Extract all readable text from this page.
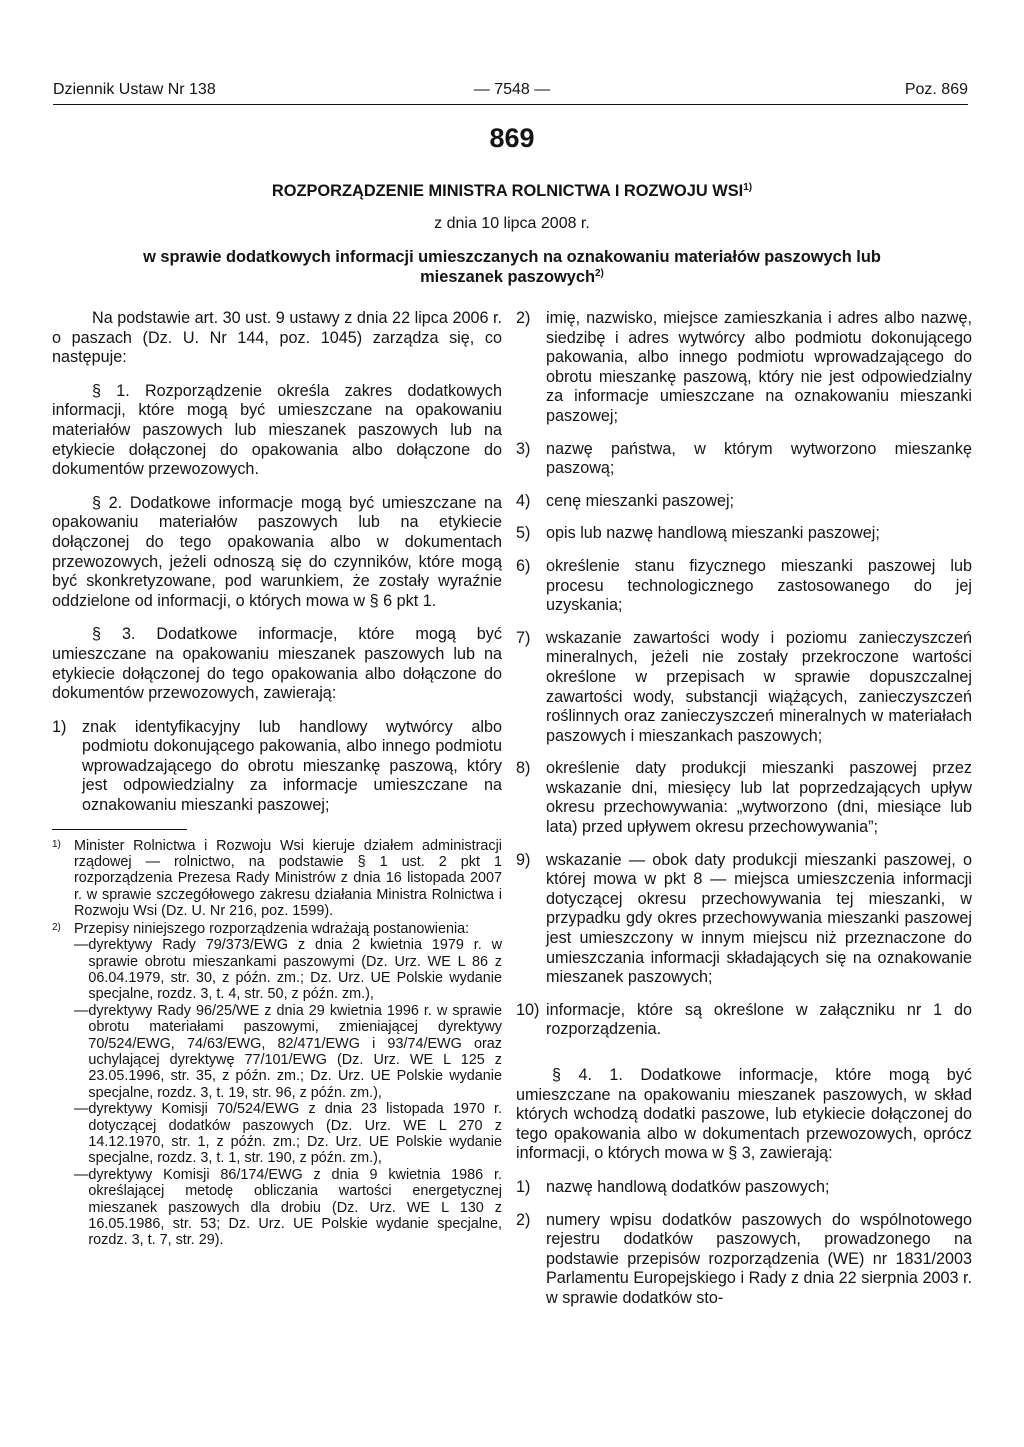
Dziennik Ustaw Nr 138	— 7548 —	Poz. 869

869

ROZPORZĄDZENIE MINISTRA ROLNICTWA I ROZWOJU WSI$^{1)}$

z dnia 10 lipca 2008 r.

w sprawie dodatkowych informacji umieszczanych na oznakowaniu materiałów paszowych lub mieszanek paszowych$^{2)}$

Na podstawie art. 30 ust. 9 ustawy z dnia 22 lipca 2006 r. o paszach (Dz. U. Nr 144, poz. 1045) zarządza się, co następuje:

§ 1. Rozporządzenie określa zakres dodatkowych informacji, które mogą być umieszczane na opakowaniu materiałów paszowych lub mieszanek paszowych lub na etykiecie dołączonej do opakowania albo dołączone do dokumentów przewozowych.

§ 2. Dodatkowe informacje mogą być umieszczane na opakowaniu materiałów paszowych lub na etykiecie dołączonej do tego opakowania albo w dokumentach przewozowych, jeżeli odnoszą się do czynników, które mogą być skonkretyzowane, pod warunkiem, że zostały wyraźnie oddzielone od informacji, o których mowa w § 6 pkt 1.

§ 3. Dodatkowe informacje, które mogą być umieszczane na opakowaniu mieszanek paszowych lub na etykiecie dołączonej do tego opakowania albo dołączone do dokumentów przewozowych, zawierają:

1) znak identyfikacyjny lub handlowy wytwórcy albo podmiotu dokonującego pakowania, albo innego podmiotu wprowadzającego do obrotu mieszankę paszową, który jest odpowiedzialny za informacje umieszczane na oznakowaniu mieszanki paszowej;
1) Minister Rolnictwa i Rozwoju Wsi kieruje działem administracji rządowej — rolnictwo, na podstawie § 1 ust. 2 pkt 1 rozporządzenia Prezesa Rady Ministrów z dnia 16 listopada 2007 r. w sprawie szczegółowego zakresu działania Ministra Rolnictwa i Rozwoju Wsi (Dz. U. Nr 216, poz. 1599).
2) Przepisy niniejszego rozporządzenia wdrażają postanowienia:
— dyrektywy Rady 79/373/EWG z dnia 2 kwietnia 1979 r. w sprawie obrotu mieszankami paszowymi (Dz. Urz. WE L 86 z 06.04.1979, str. 30, z późn. zm.; Dz. Urz. UE Polskie wydanie specjalne, rozdz. 3, t. 4, str. 50, z późn. zm.),
— dyrektywy Rady 96/25/WE z dnia 29 kwietnia 1996 r. w sprawie obrotu materiałami paszowymi, zmieniającej dyrektywy 70/524/EWG, 74/63/EWG, 82/471/EWG i 93/74/EWG oraz uchylającej dyrektywę 77/101/EWG (Dz. Urz. WE L 125 z 23.05.1996, str. 35, z późn. zm.; Dz. Urz. UE Polskie wydanie specjalne, rozdz. 3, t. 19, str. 96, z późn. zm.),
— dyrektywy Komisji 70/524/EWG z dnia 23 listopada 1970 r. dotyczącej dodatków paszowych (Dz. Urz. WE L 270 z 14.12.1970, str. 1, z późn. zm.; Dz. Urz. UE Polskie wydanie specjalne, rozdz. 3, t. 1, str. 190, z późn. zm.),
— dyrektywy Komisji 86/174/EWG z dnia 9 kwietnia 1986 r. określającej metodę obliczania wartości energetycznej mieszanek paszowych dla drobiu (Dz. Urz. WE L 130 z 16.05.1986, str. 53; Dz. Urz. UE Polskie wydanie specjalne, rozdz. 3, t. 7, str. 29).
2) imię, nazwisko, miejsce zamieszkania i adres albo nazwę, siedzibę i adres wytwórcy albo podmiotu dokonującego pakowania, albo innego podmiotu wprowadzającego do obrotu mieszankę paszową, który nie jest odpowiedzialny za informacje umieszczane na oznakowaniu mieszanki paszowej;
3) nazwę państwa, w którym wytworzono mieszankę paszową;
4) cenę mieszanki paszowej;
5) opis lub nazwę handlową mieszanki paszowej;
6) określenie stanu fizycznego mieszanki paszowej lub procesu technologicznego zastosowanego do jej uzyskania;
7) wskazanie zawartości wody i poziomu zanieczyszczeń mineralnych, jeżeli nie zostały przekroczone wartości określone w przepisach w sprawie dopuszczalnej zawartości wody, substancji wiążących, zanieczyszczeń roślinnych oraz zanieczyszczeń mineralnych w materiałach paszowych i mieszankach paszowych;
8) określenie daty produkcji mieszanki paszowej przez wskazanie dni, miesięcy lub lat poprzedzających upływ okresu przechowywania: „wytworzono (dni, miesiące lub lata) przed upływem okresu przechowywania”;
9) wskazanie — obok daty produkcji mieszanki paszowej, o której mowa w pkt 8 — miejsca umieszczenia informacji dotyczącej okresu przechowywania tej mieszanki, w przypadku gdy okres przechowywania mieszanki paszowej jest umieszczony w innym miejscu niż przeznaczone do umieszczania informacji składających się na oznakowanie mieszanek paszowych;
10) informacje, które są określone w załączniku nr 1 do rozporządzenia.

§ 4. 1. Dodatkowe informacje, które mogą być umieszczane na opakowaniu mieszanek paszowych, w skład których wchodzą dodatki paszowe, lub etykiecie dołączonej do tego opakowania albo w dokumentach przewozowych, oprócz informacji, o których mowa w § 3, zawierają:

1) nazwę handlową dodatków paszowych;
2) numery wpisu dodatków paszowych do wspólnotowego rejestru dodatków paszowych, prowadzonego na podstawie przepisów rozporządzenia (WE) nr 1831/2003 Parlamentu Europejskiego i Rady z dnia 22 sierpnia 2003 r. w sprawie dodatków sto-
